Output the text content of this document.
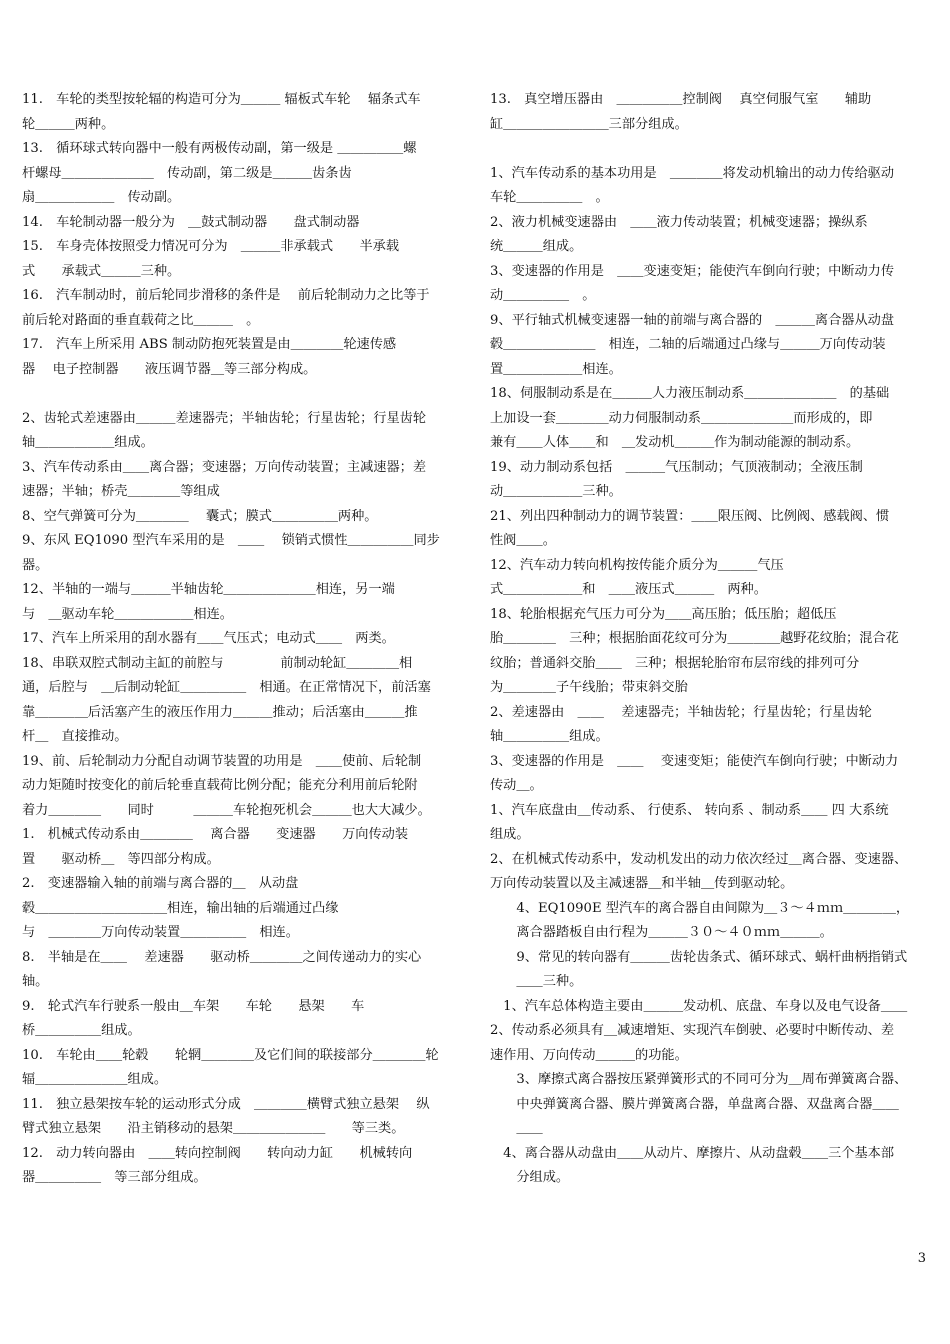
11.　车轮的类型按轮辐的构造可分为＿＿＿ 辐板式车轮　 辐条式车
轮＿＿＿两种。
13.　循环球式转向器中一般有两极传动副，第一级是 ＿＿＿＿＿螺
杆螺母＿＿＿＿＿＿＿　传动副，第二级是＿＿＿齿条齿
扇＿＿＿＿＿＿　传动副。
14.　车轮制动器一般分为　＿鼓式制动器　　盘式制动器
15.　车身壳体按照受力情况可分为　＿＿＿非承载式　　半承载
式　　承载式＿＿＿三种。
16.　汽车制动时，前后轮同步滑移的条件是　 前后轮制动力之比等于
前后轮对路面的垂直载荷之比＿＿＿　。
17.　汽车上所采用 ABS 制动防抱死装置是由＿＿＿＿轮速传感
器　 电子控制器　　液压调节器＿等三部分构成。
2、齿轮式差速器由＿＿＿差速器壳；半轴齿轮；行星齿轮；行星齿轮
轴＿＿＿＿＿＿组成。
3、汽车传动系由＿＿离合器；变速器；万向传动装置；主减速器；差
速器；半轴；桥壳＿＿＿＿等组成
8、空气弹簧可分为＿＿＿＿　 囊式；膜式＿＿＿＿＿两种。
9、东风 EQ1090 型汽车采用的是　＿＿　 锁销式惯性＿＿＿＿＿同步
器。
12、半轴的一端与＿＿＿半轴齿轮＿＿＿＿＿＿＿相连，另一端
与　＿驱动车轮＿＿＿＿＿＿相连。
17、汽车上所采用的刮水器有＿＿气压式；电动式＿＿　两类。
18、串联双腔式制动主缸的前腔与　　　　 前制动轮缸＿＿＿＿相
通，后腔与　＿后制动轮缸＿＿＿＿＿　相通。在正常情况下，前活塞
靠＿＿＿＿后活塞产生的液压作用力＿＿＿推动；后活塞由＿＿＿推
杆＿　直接推动。
19、前、后轮制动力分配自动调节装置的功用是　＿＿使前、后轮制
动力矩随时按变化的前后轮垂直载荷比例分配；能充分利用前后轮附
着力＿＿＿＿　　同时　　　＿＿＿车轮抱死机会＿＿＿也大大减少。
1.　机械式传动系由＿＿＿＿　 离合器　　变速器　　万向传动装
置　　驱动桥＿　等四部分构成。
2.　变速器输入轴的前端与离合器的＿　从动盘
毂＿＿＿＿＿＿＿＿＿＿相连，输出轴的后端通过凸缘
与　＿＿＿＿万向传动装置＿＿＿＿＿　相连。
8.　半轴是在＿＿　 差速器　　驱动桥＿＿＿＿之间传递动力的实心
轴。
9.　轮式汽车行驶系一般由＿车架　　车轮　　悬架　　车
桥＿＿＿＿＿组成。
10.　车轮由＿＿轮毂　　轮辋＿＿＿＿及它们间的联接部分＿＿＿＿轮
辐＿＿＿＿＿＿＿组成。
11.　独立悬架按车轮的运动形式分成　＿＿＿＿横臂式独立悬架　 纵
臂式独立悬架　　沿主销移动的悬架＿＿＿＿＿＿＿　　等三类。
12.　动力转向器由　＿＿转向控制阀　　转向动力缸　　机械转向
器＿＿＿＿＿　等三部分组成。
13.　真空增压器由　＿＿＿＿＿控制阀　 真空伺服气室　　辅助
缸＿＿＿＿＿＿＿＿三部分组成。
1、汽车传动系的基本功用是　＿＿＿＿将发动机输出的动力传给驱动
车轮＿＿＿＿＿　。
2、液力机械变速器由　＿＿液力传动装置；机械变速器；操纵系
统＿＿＿组成。
3、变速器的作用是　＿＿变速变矩；能使汽车倒向行驶；中断动力传
动＿＿＿＿＿　。
9、平行轴式机械变速器一轴的前端与离合器的　＿＿＿离合器从动盘
毂＿＿＿＿＿＿＿　相连，二轴的后端通过凸缘与＿＿＿万向传动装
置＿＿＿＿＿＿相连。
18、伺服制动系是在＿＿＿人力液压制动系＿＿＿＿＿＿＿　的基础
上加设一套＿＿＿＿动力伺服制动系＿＿＿＿＿＿＿而形成的，即
兼有＿＿人体＿＿和　＿发动机＿＿＿作为制动能源的制动系。
19、动力制动系包括　＿＿＿气压制动；气顶液制动；全液压制
动＿＿＿＿＿＿三种。
21、列出四种制动力的调节装置：＿＿限压阀、比例阀、感载阀、惯
性阀＿＿。
12、汽车动力转向机构按传能介质分为＿＿＿气压
式＿＿＿＿＿＿和　＿＿液压式＿＿＿　两种。
18、轮胎根据充气压力可分为＿＿高压胎；低压胎；超低压
胎＿＿＿＿　三种；根据胎面花纹可分为＿＿＿＿越野花纹胎；混合花
纹胎；普通斜交胎＿＿　三种；根据轮胎帘布层帘线的排列可分
为＿＿＿＿子午线胎；带束斜交胎
2、差速器由　＿＿　 差速器壳；半轴齿轮；行星齿轮；行星齿轮
轴＿＿＿＿＿组成。
3、变速器的作用是　＿＿　 变速变矩；能使汽车倒向行驶；中断动力
传动＿。
1、汽车底盘由＿传动系、 行使系、 转向系 、制动系＿＿ 四 大系统
组成。
2、在机械式传动系中，发动机发出的动力依次经过＿离合器、变速器、
万向传动装置以及主减速器＿和半轴＿传到驱动轮。
　　4、EQ1090E 型汽车的离合器自由间隙为＿３～４ｍｍ＿＿＿＿，
　　离合器踏板自由行程为＿＿＿３０～４０ｍｍ＿＿＿。
　　9、常见的转向器有＿＿＿齿轮齿条式、循环球式、蜗杆曲柄指销式
　　＿＿三种。
　1、汽车总体构造主要由＿＿＿发动机、底盘、车身以及电气设备＿＿
2、传动系必须具有＿减速增矩、实现汽车倒驶、必要时中断传动、差
速作用、万向传动＿＿＿的功能。
　　3、摩擦式离合器按压紧弹簧形式的不同可分为＿周布弹簧离合器、
　　中央弹簧离合器、膜片弹簧离合器，单盘离合器、双盘离合器＿＿
　　＿＿
　4、离合器从动盘由＿＿从动片、摩擦片、从动盘毂＿＿三个基本部
　　分组成。
3
